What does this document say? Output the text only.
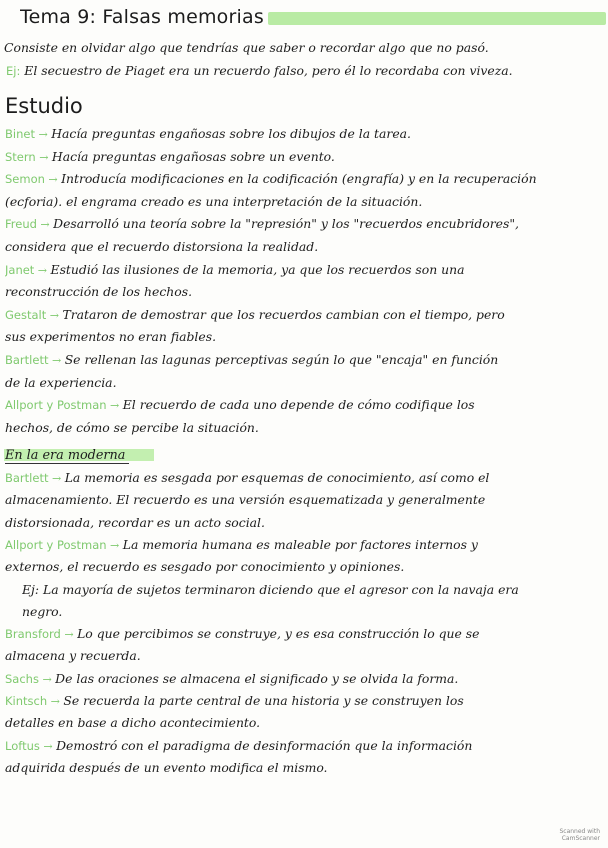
Tema 9: Falsas memorias
Consiste en olvidar algo que tendrías que saber o recordar algo que no pasó.
Ej: El secuestro de Piaget era un recuerdo falso, pero él lo recordaba con viveza.
Estudio
Binet → Hacía preguntas engañosas sobre los dibujos de la tarea.
Stern → Hacía preguntas engañosas sobre un evento.
Semon → Introducía modificaciones en la codificación (engrafía) y en la recuperación
(ecforia). el engrama creado es una interpretación de la situación.
Freud → Desarrolló una teoría sobre la "represión" y los "recuerdos encubridores",
considera que el recuerdo distorsiona la realidad.
Janet → Estudió las ilusiones de la memoria, ya que los recuerdos son una
reconstrucción de los hechos.
Gestalt → Trataron de demostrar que los recuerdos cambian con el tiempo, pero
sus experimentos no eran fiables.
Bartlett → Se rellenan las lagunas perceptivas según lo que "encaja" en función
de la experiencia.
Allport y Postman → El recuerdo de cada uno depende de cómo codifique los
hechos, de cómo se percibe la situación.
En la era moderna
Bartlett → La memoria es sesgada por esquemas de conocimiento, así como el
almacenamiento. El recuerdo es una versión esquematizada y generalmente
distorsionada, recordar es un acto social.
Allport y Postman → La memoria humana es maleable por factores internos y
externos, el recuerdo es sesgado por conocimiento y opiniones.
Ej: La mayoría de sujetos terminaron diciendo que el agresor con la navaja era
negro.
Bransford → Lo que percibimos se construye, y es esa construcción lo que se
almacena y recuerda.
Sachs → De las oraciones se almacena el significado y se olvida la forma.
Kintsch → Se recuerda la parte central de una historia y se construyen los
detalles en base a dicho acontecimiento.
Loftus → Demostró con el paradigma de desinformación que la información
adquirida después de un evento modifica el mismo.
Scanned with
CamScanner
